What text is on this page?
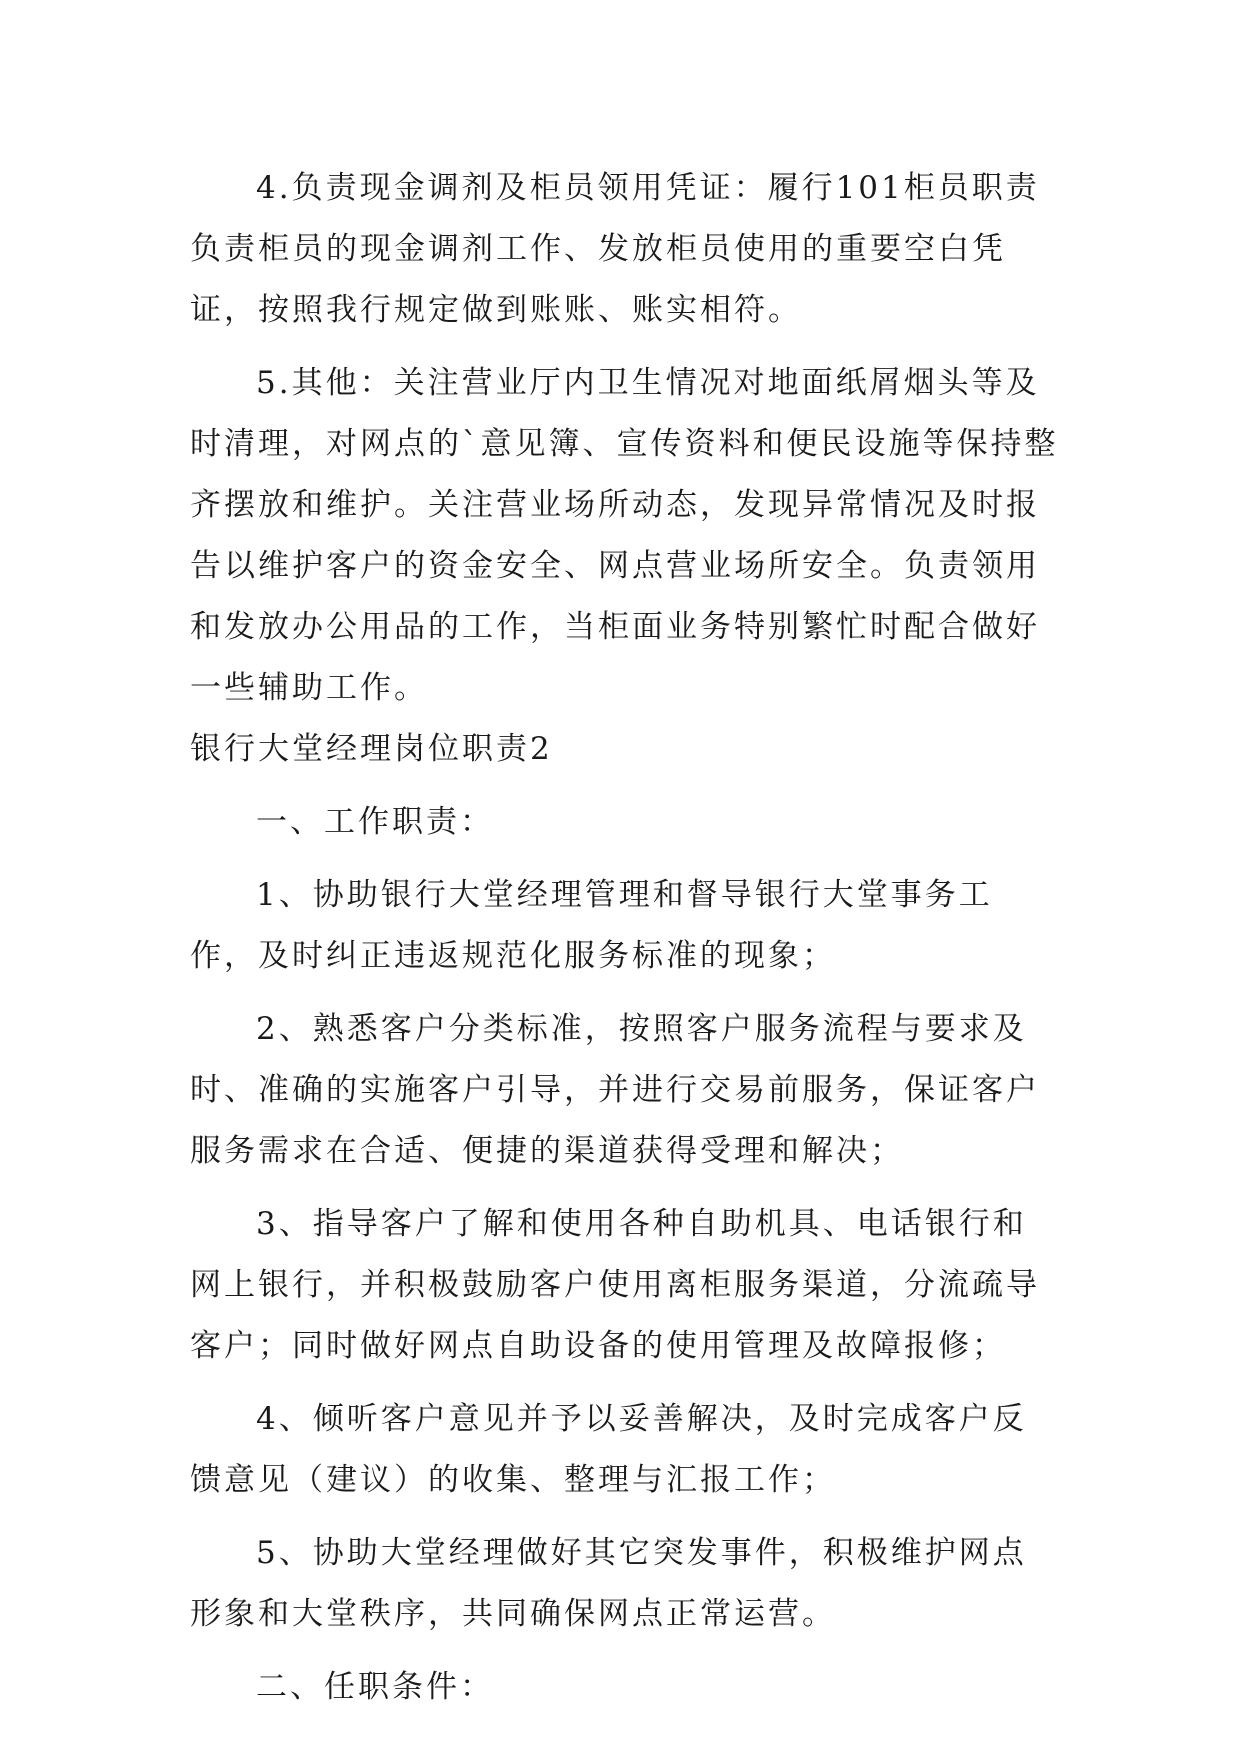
4.负责现金调剂及柜员领用凭证：履行101柜员职责负责柜员的现金调剂工作、发放柜员使用的重要空白凭证，按照我行规定做到账账、账实相符。

5.其他：关注营业厅内卫生情况对地面纸屑烟头等及时清理，对网点的`意见簿、宣传资料和便民设施等保持整齐摆放和维护。关注营业场所动态，发现异常情况及时报告以维护客户的资金安全、网点营业场所安全。负责领用和发放办公用品的工作，当柜面业务特别繁忙时配合做好一些辅助工作。

银行大堂经理岗位职责2

一、工作职责：

1、协助银行大堂经理管理和督导银行大堂事务工作，及时纠正违返规范化服务标准的现象；

2、熟悉客户分类标准，按照客户服务流程与要求及时、准确的实施客户引导，并进行交易前服务，保证客户服务需求在合适、便捷的渠道获得受理和解决；

3、指导客户了解和使用各种自助机具、电话银行和网上银行，并积极鼓励客户使用离柜服务渠道，分流疏导客户；同时做好网点自助设备的使用管理及故障报修；

4、倾听客户意见并予以妥善解决，及时完成客户反馈意见（建议）的收集、整理与汇报工作；

5、协助大堂经理做好其它突发事件，积极维护网点形象和大堂秩序，共同确保网点正常运营。

二、任职条件：
